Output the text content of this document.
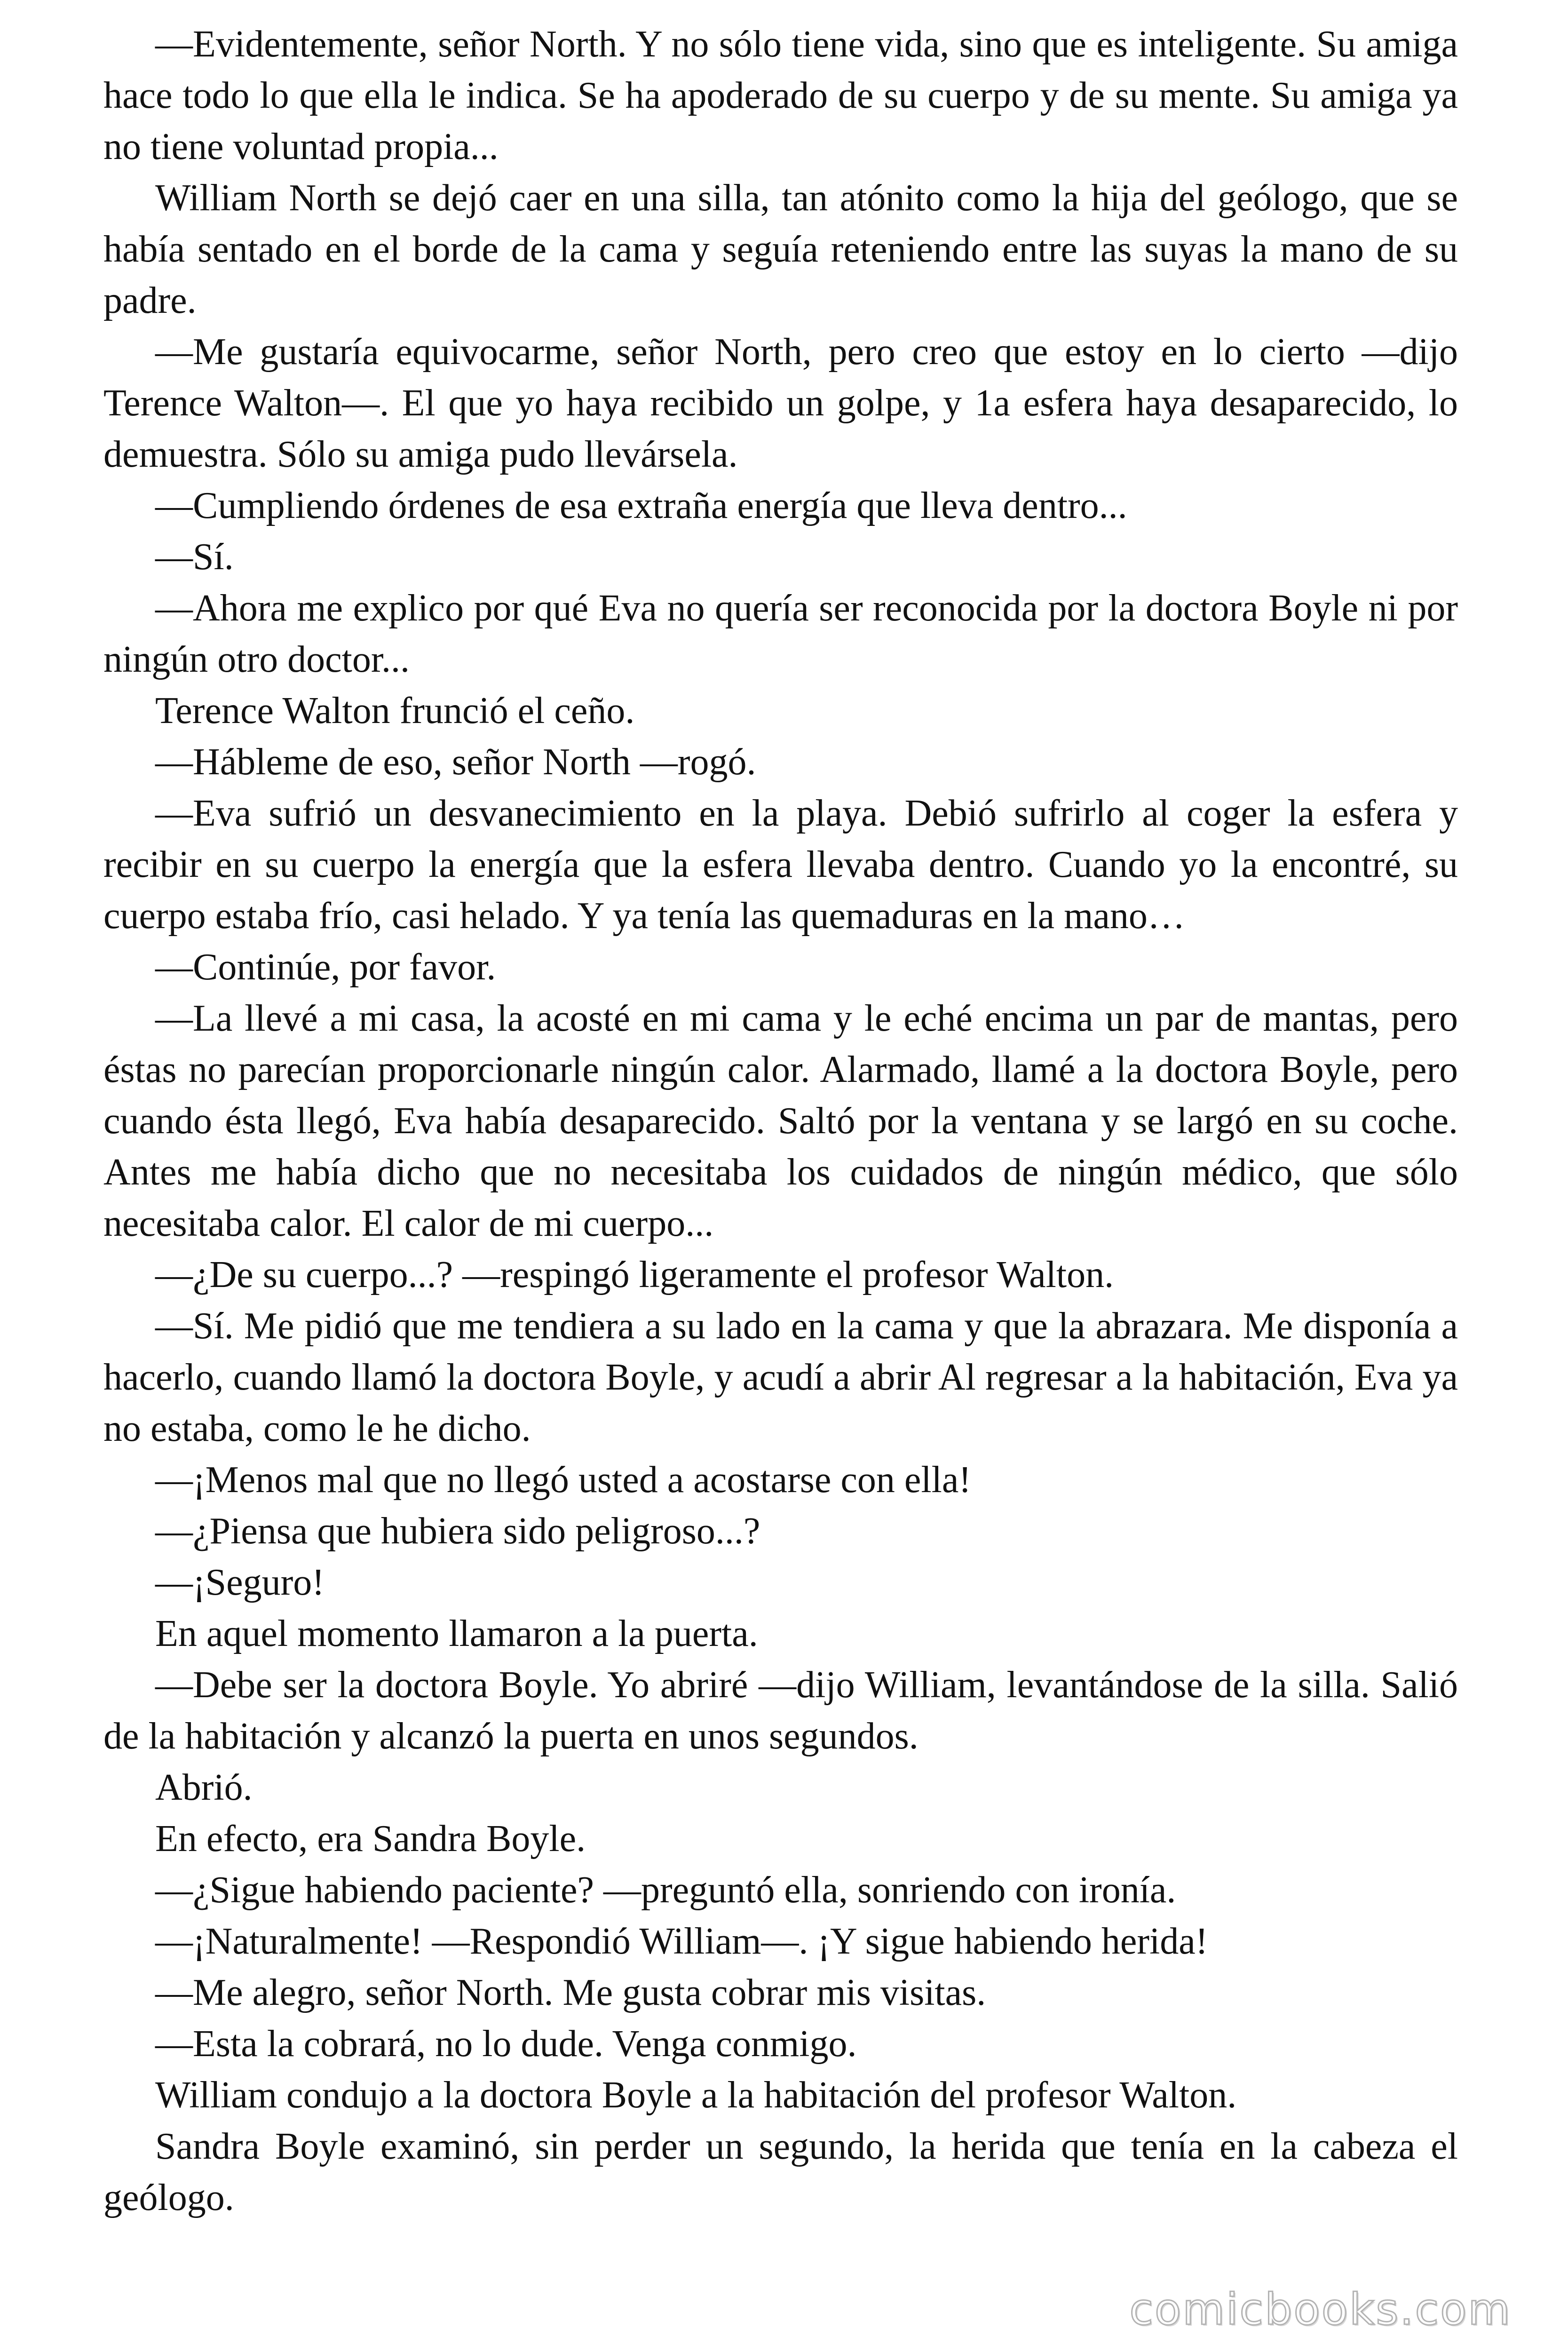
—Evidentemente, señor North. Y no sólo tiene vida, sino que es inteligente. Su amiga hace todo lo que ella le indica. Se ha apoderado de su cuerpo y de su mente. Su amiga ya no tiene voluntad propia...

William North se dejó caer en una silla, tan atónito como la hija del geólogo, que se había sentado en el borde de la cama y seguía reteniendo entre las suyas la mano de su padre.

—Me gustaría equivocarme, señor North, pero creo que estoy en lo cierto —dijo Terence Walton—. El que yo haya recibido un golpe, y 1a esfera haya desaparecido, lo demuestra. Sólo su amiga pudo llevársela.

—Cumpliendo órdenes de esa extraña energía que lleva dentro...

—Sí.

—Ahora me explico por qué Eva no quería ser reconocida por la doctora Boyle ni por ningún otro doctor...

Terence Walton frunció el ceño.

—Hábleme de eso, señor North —rogó.

—Eva sufrió un desvanecimiento en la playa. Debió sufrirlo al coger la esfera y recibir en su cuerpo la energía que la esfera llevaba dentro. Cuando yo la encontré, su cuerpo estaba frío, casi helado. Y ya tenía las quemaduras en la mano…

—Continúe, por favor.

—La llevé a mi casa, la acosté en mi cama y le eché encima un par de mantas, pero éstas no parecían proporcionarle ningún calor. Alarmado, llamé a la doctora Boyle, pero cuando ésta llegó, Eva había desaparecido. Saltó por la ventana y se largó en su coche. Antes me había dicho que no necesitaba los cuidados de ningún médico, que sólo necesitaba calor. El calor de mi cuerpo...

—¿De su cuerpo...? —respingó ligeramente el profesor Walton.

—Sí. Me pidió que me tendiera a su lado en la cama y que la abrazara. Me disponía a hacerlo, cuando llamó la doctora Boyle, y acudí a abrir Al regresar a la habitación, Eva ya no estaba, como le he dicho.

—¡Menos mal que no llegó usted a acostarse con ella!

—¿Piensa que hubiera sido peligroso...?

—¡Seguro!

En aquel momento llamaron a la puerta.

—Debe ser la doctora Boyle. Yo abriré —dijo William, levantándose de la silla. Salió de la habitación y alcanzó la puerta en unos segundos.

Abrió.

En efecto, era Sandra Boyle.

—¿Sigue habiendo paciente? —preguntó ella, sonriendo con ironía.

—¡Naturalmente! —Respondió William—. ¡Y sigue habiendo herida!

—Me alegro, señor North. Me gusta cobrar mis visitas.

—Esta la cobrará, no lo dude. Venga conmigo.

William condujo a la doctora Boyle a la habitación del profesor Walton.

Sandra Boyle examinó, sin perder un segundo, la herida que tenía en la cabeza el geólogo.

comicbooks.com
